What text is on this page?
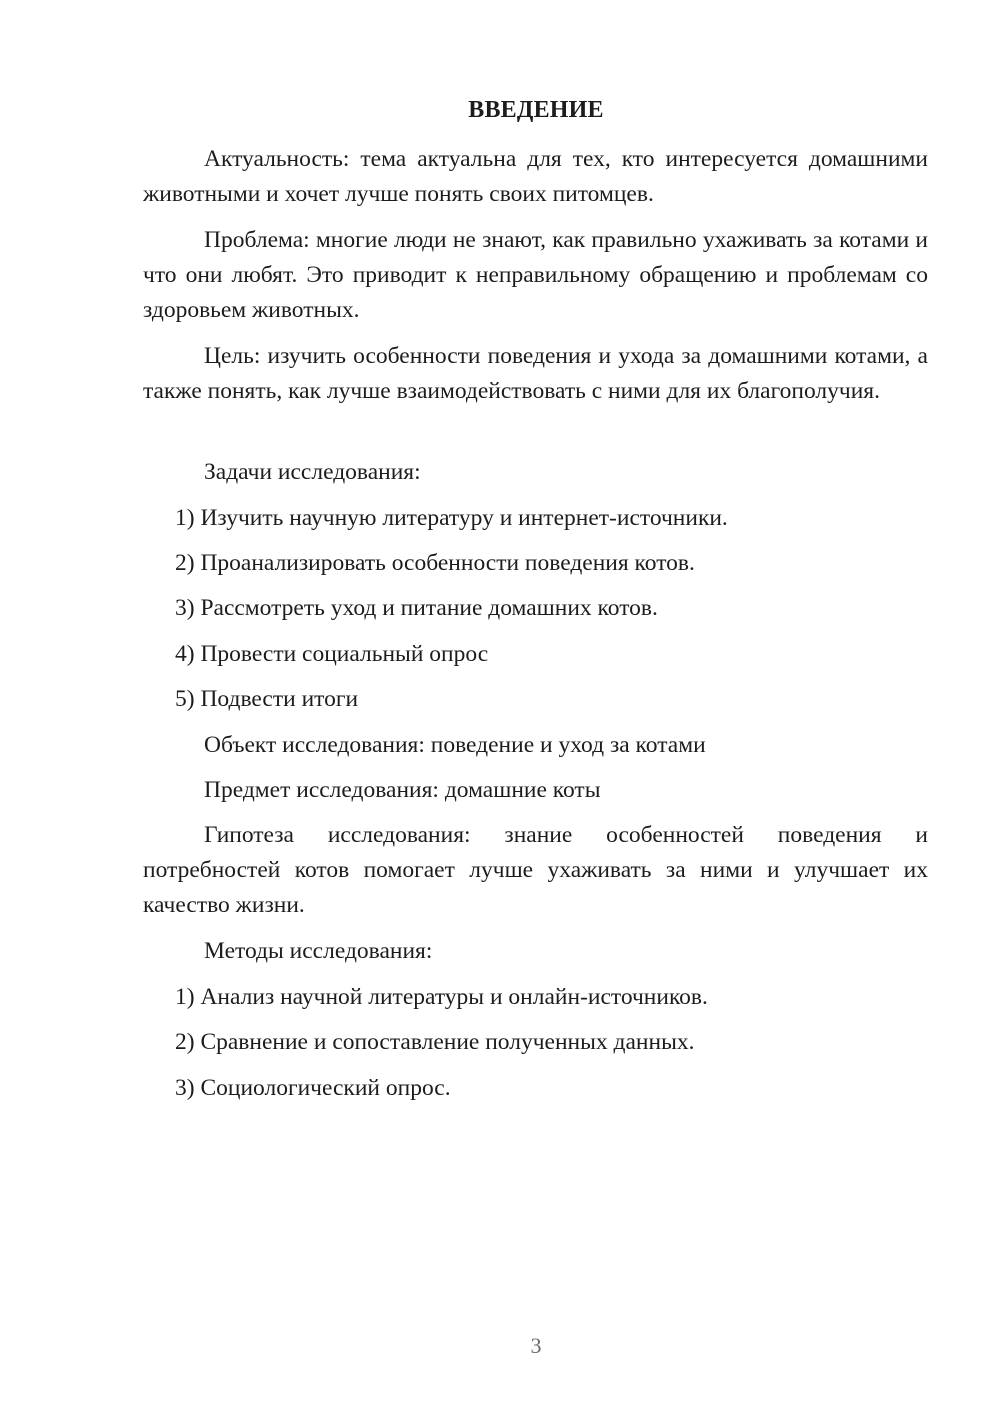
ВВЕДЕНИЕ

Актуальность: тема актуальна для тех, кто интересуется домашними животными и хочет лучше понять своих питомцев.

Проблема: многие люди не знают, как правильно ухаживать за котами и что они любят. Это приводит к неправильному обращению и проблемам со здоровьем животных.

Цель: изучить особенности поведения и ухода за домашними котами, а также понять, как лучше взаимодействовать с ними для их благополучия.

Задачи исследования:

1) Изучить научную литературу и интернет-источники.

2) Проанализировать особенности поведения котов.

3) Рассмотреть уход и питание домашних котов.

4) Провести социальный опрос

5) Подвести итоги

Объект исследования: поведение и уход за котами

Предмет исследования: домашние коты

Гипотеза исследования: знание особенностей поведения и потребностей котов помогает лучше ухаживать за ними и улучшает их качество жизни.

Методы исследования:

1) Анализ научной литературы и онлайн-источников.

2) Сравнение и сопоставление полученных данных.

3) Социологический опрос.

3
